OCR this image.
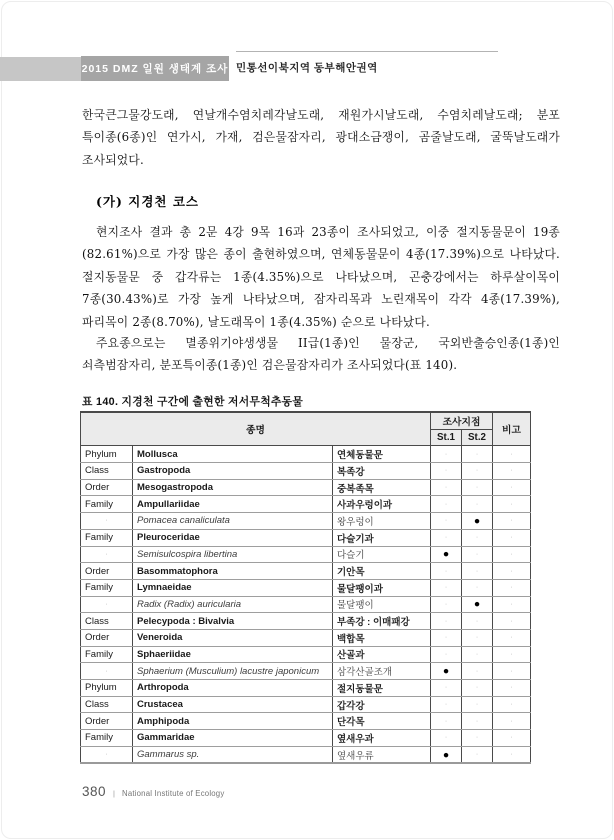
2015 DMZ 일원 생태계 조사 민통선이북지역 동부해안권역
한국큰그물강도래, 연날개수염치레각날도래, 재원가시날도래, 수염치레날도래; 분포
특이종(6종)인 연가시, 가재, 검은물잠자리, 광대소금쟁이, 곰줄날도래, 굴뚝날도래가
조사되었다.
(가) 지경천 코스
현지조사 결과 총 2문 4강 9목 16과 23종이 조사되었고, 이중 절지동물문이 19종
(82.61%)으로 가장 많은 종이 출현하였으며, 연체동물문이 4종(17.39%)으로 나타났다.
절지동물문 중 갑각류는 1종(4.35%)으로 나타났으며, 곤충강에서는 하루살이목이
7종(30.43%)로 가장 높게 나타났으며, 잠자리목과 노린재목이 각각 4종(17.39%),
파리목이 2종(8.70%), 날도래목이 1종(4.35%) 순으로 나타났다.
주요종으로는 멸종위기야생생물 II급(1종)인 물장군, 국외반출승인종(1종)인
쇠측범잠자리, 분포특이종(1종)인 검은물잠자리가 조사되었다(표 140).
표 140. 지경천 구간에 출현한 저서무척추동물
종명			조사지점		비고
			St.1	St.2	
Phylum	Mollusca	연체동물문	·	·	·
Class	Gastropoda	복족강	·	·	·
Order	Mesogastropoda	중복족목	·	·	·
Family	Ampullariidae	사과우렁이과	·	·	·
·	Pomacea canaliculata	왕우렁이	·	●	·
Family	Pleuroceridae	다슬기과	·	·	·
·	Semisulcospira libertina	다슬기	●	·	·
Order	Basommatophora	기안목	·	·	·
Family	Lymnaeidae	물달팽이과	·	·	·
·	Radix (Radix) auricularia	물달팽이	·	●	·
Class	Pelecypoda : Bivalvia	부족강 : 이매패강	·	·	·
Order	Veneroida	백합목	·	·	·
Family	Sphaeriidae	산골과	·	·	·
·	Sphaerium (Musculium) lacustre japonicum	삼각산골조개	●	·	·
Phylum	Arthropoda	절지동물문	·	·	·
Class	Crustacea	갑각강	·	·	·
Order	Amphipoda	단각목	·	·	·
Family	Gammaridae	옆새우과	·	·	·
·	Gammarus sp.	옆새우류	●	·	·
380 | National Institute of Ecology
